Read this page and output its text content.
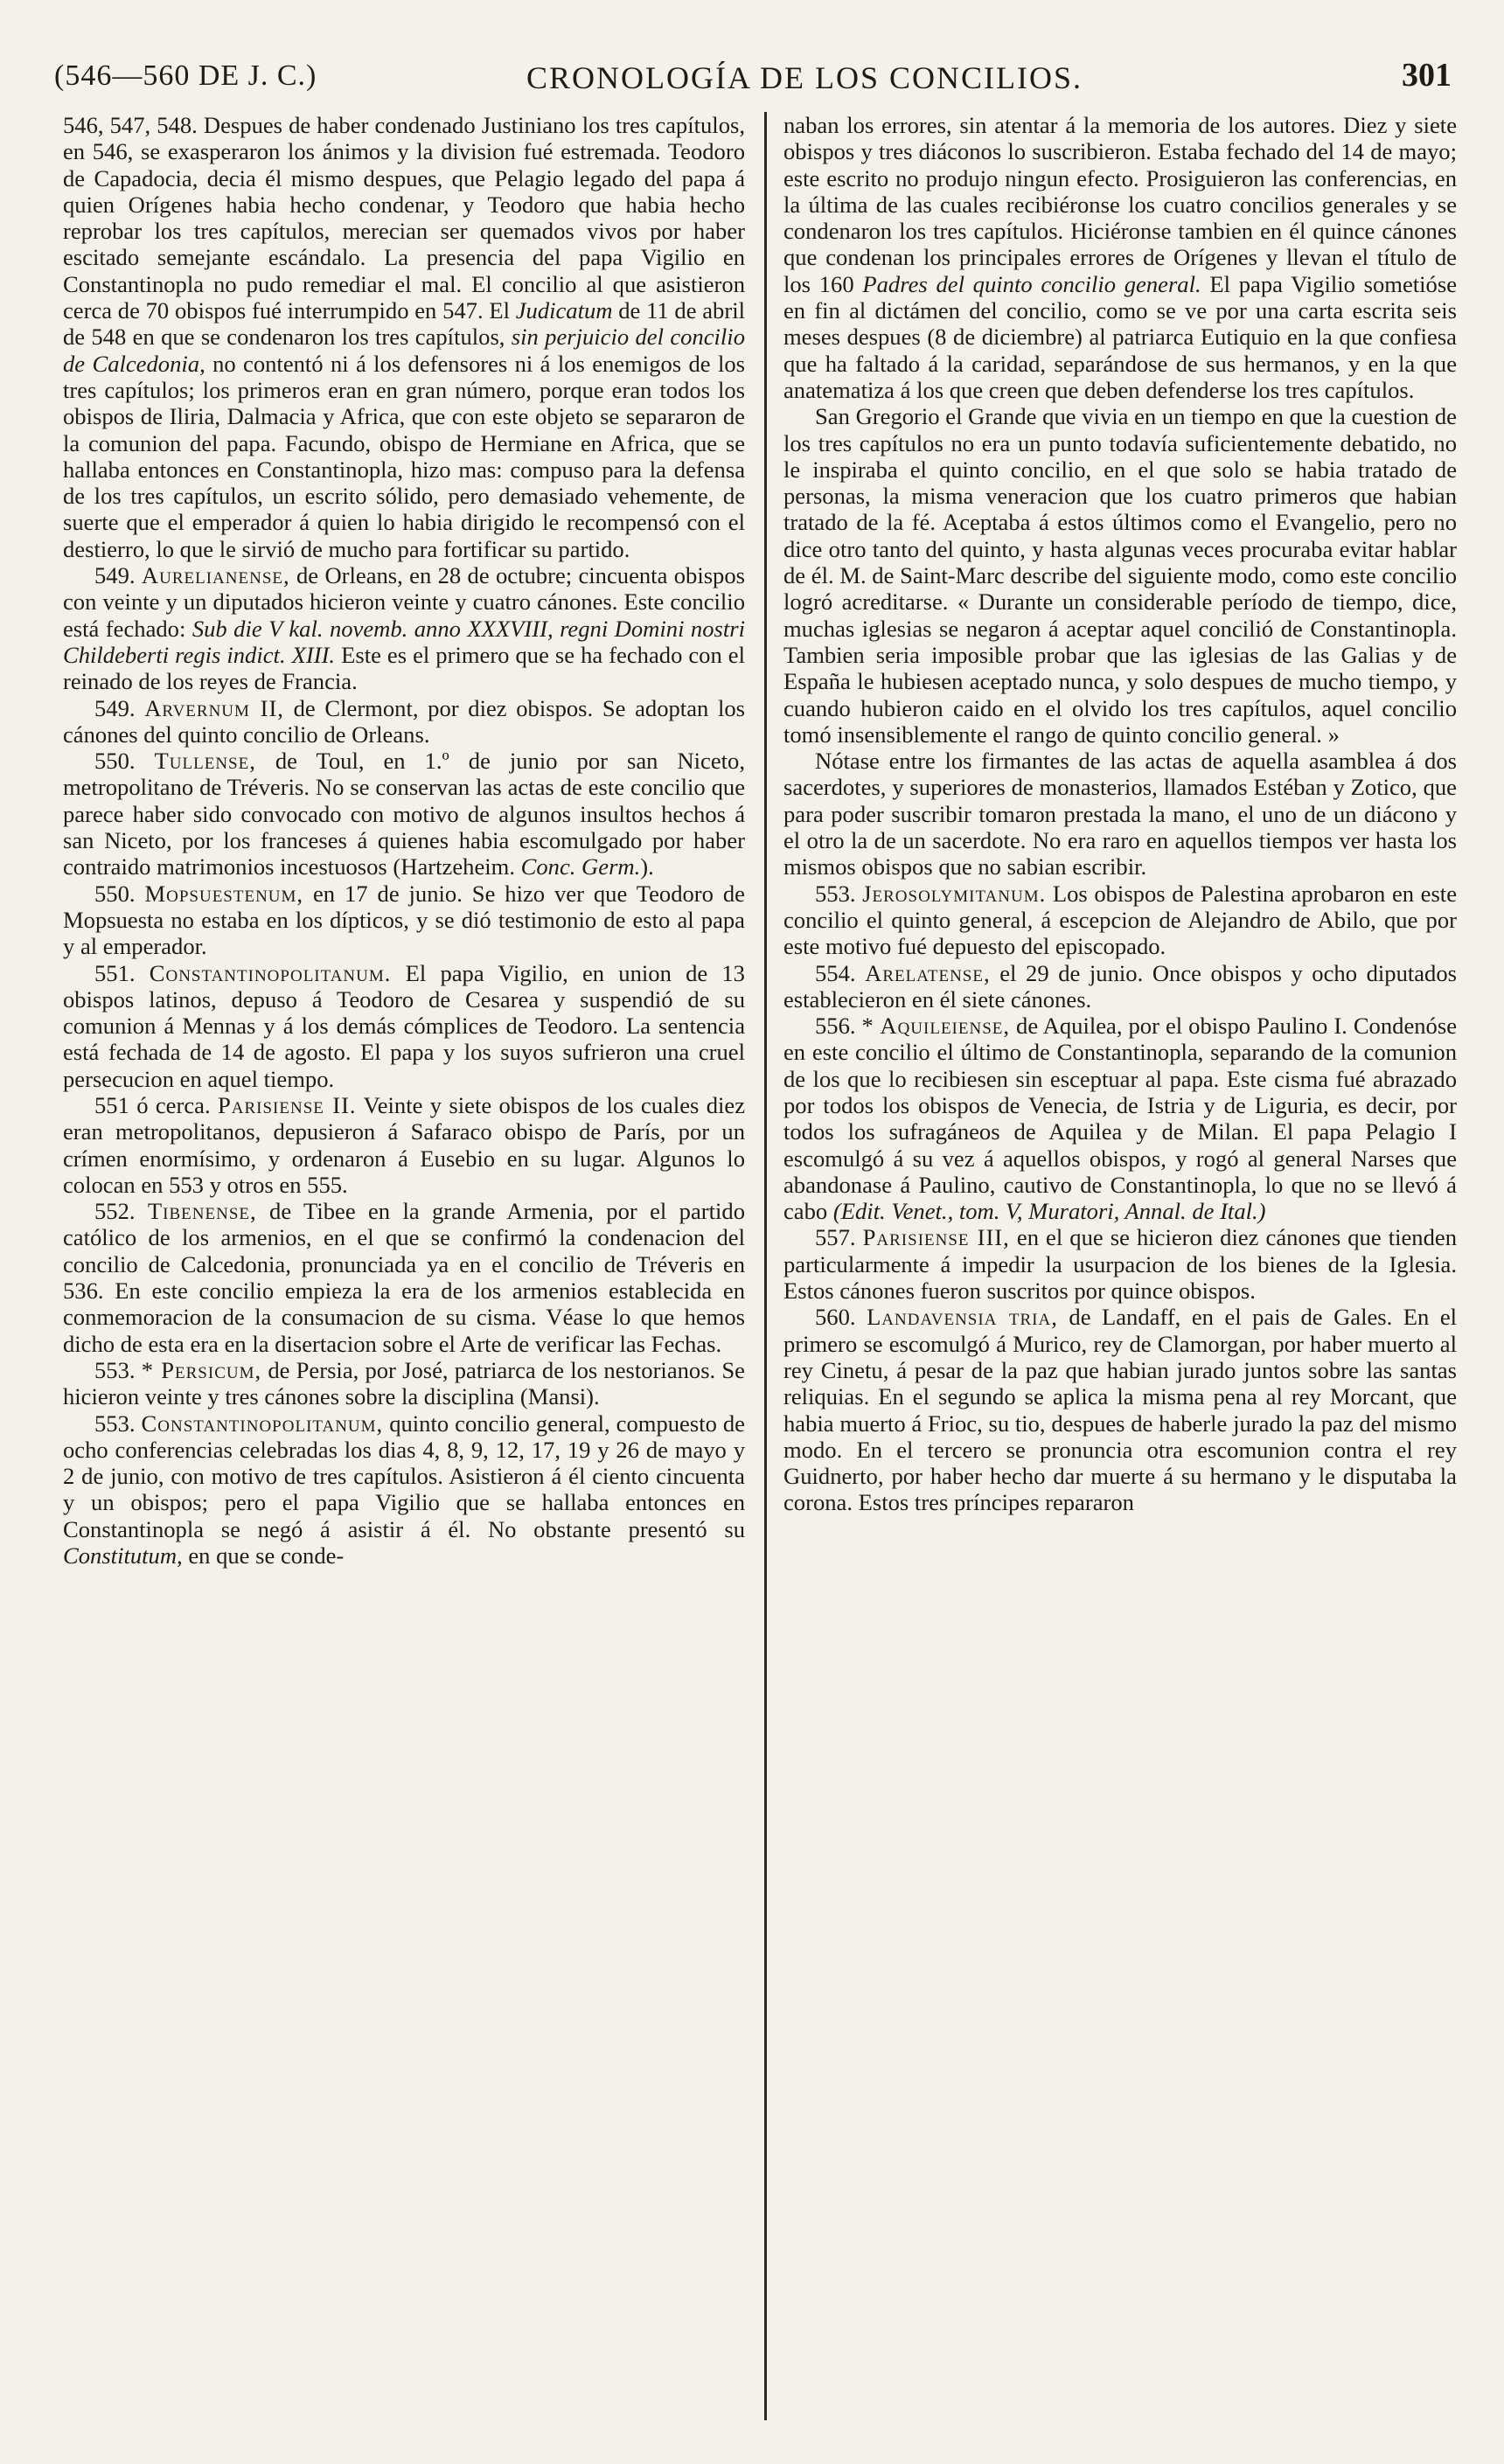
(546—560 DE J. C.)	CRONOLOGÍA DE LOS CONCILIOS.	301

546, 547, 548. Despues de haber condenado Justiniano los tres capítulos, en 546, se exasperaron los ánimos y la division fué estremada. Teodoro de Capadocia, decia él mismo despues, que Pelagio legado del papa á quien Orígenes habia hecho condenar, y Teodoro que habia hecho reprobar los tres capítulos, merecian ser quemados vivos por haber escitado semejante escándalo. La presencia del papa Vigilio en Constantinopla no pudo remediar el mal. El concilio al que asistieron cerca de 70 obispos fué interrumpido en 547. El Judicatum de 11 de abril de 548 en que se condenaron los tres capítulos, sin perjuicio del concilio de Calcedonia, no contentó ni á los defensores ni á los enemigos de los tres capítulos; los primeros eran en gran número, porque eran todos los obispos de Iliria, Dalmacia y Africa, que con este objeto se separaron de la comunion del papa. Facundo, obispo de Hermiane en Africa, que se hallaba entonces en Constantinopla, hizo mas: compuso para la defensa de los tres capítulos, un escrito sólido, pero demasiado vehemente, de suerte que el emperador á quien lo habia dirigido le recompensó con el destierro, lo que le sirvió de mucho para fortificar su partido.

549. Aurelianense, de Orleans, en 28 de octubre; cincuenta obispos con veinte y un diputados hicieron veinte y cuatro cánones. Este concilio está fechado: Sub die V kal. novemb. anno XXXVIII, regni Domini nostri Childeberti regis indict. XIII. Este es el primero que se ha fechado con el reinado de los reyes de Francia.

549. Arvernum II, de Clermont, por diez obispos. Se adoptan los cánones del quinto concilio de Orleans.

550. Tullense, de Toul, en 1.º de junio por san Niceto, metropolitano de Tréveris. No se conservan las actas de este concilio que parece haber sido convocado con motivo de algunos insultos hechos á san Niceto, por los franceses á quienes habia escomulgado por haber contraido matrimonios incestuosos (Hartzeheim. Conc. Germ.).

550. Mopsuestenum, en 17 de junio. Se hizo ver que Teodoro de Mopsuesta no estaba en los dípticos, y se dió testimonio de esto al papa y al emperador.

551. Constantinopolitanum. El papa Vigilio, en union de 13 obispos latinos, depuso á Teodoro de Cesarea y suspendió de su comunion á Mennas y á los demás cómplices de Teodoro. La sentencia está fechada de 14 de agosto. El papa y los suyos sufrieron una cruel persecucion en aquel tiempo.

551 ó cerca. Parisiense II. Veinte y siete obispos de los cuales diez eran metropolitanos, depusieron á Safaraco obispo de París, por un crímen enormísimo, y ordenaron á Eusebio en su lugar. Algunos lo colocan en 553 y otros en 555.

552. Tibenense, de Tibee en la grande Armenia, por el partido católico de los armenios, en el que se confirmó la condenacion del concilio de Calcedonia, pronunciada ya en el concilio de Tréveris en 536. En este concilio empieza la era de los armenios establecida en conmemoracion de la consumacion de su cisma. Véase lo que hemos dicho de esta era en la disertacion sobre el Arte de verificar las Fechas.

553. * Persicum, de Persia, por José, patriarca de los nestorianos. Se hicieron veinte y tres cánones sobre la disciplina (Mansi).

553. Constantinopolitanum, quinto concilio general, compuesto de ocho conferencias celebradas los dias 4, 8, 9, 12, 17, 19 y 26 de mayo y 2 de junio, con motivo de tres capítulos. Asistieron á él ciento cincuenta y un obispos; pero el papa Vigilio que se hallaba entonces en Constantinopla se negó á asistir á él. No obstante presentó su Constitutum, en que se conde-

naban los errores, sin atentar á la memoria de los autores. Diez y siete obispos y tres diáconos lo suscribieron. Estaba fechado del 14 de mayo; este escrito no produjo ningun efecto. Prosiguieron las conferencias, en la última de las cuales recibiéronse los cuatro concilios generales y se condenaron los tres capítulos. Hiciéronse tambien en él quince cánones que condenan los principales errores de Orígenes y llevan el título de los 160 Padres del quinto concilio general. El papa Vigilio sometióse en fin al dictámen del concilio, como se ve por una carta escrita seis meses despues (8 de diciembre) al patriarca Eutiquio en la que confiesa que ha faltado á la caridad, separándose de sus hermanos, y en la que anatematiza á los que creen que deben defenderse los tres capítulos.

San Gregorio el Grande que vivia en un tiempo en que la cuestion de los tres capítulos no era un punto todavía suficientemente debatido, no le inspiraba el quinto concilio, en el que solo se habia tratado de personas, la misma veneracion que los cuatro primeros que habian tratado de la fé. Aceptaba á estos últimos como el Evangelio, pero no dice otro tanto del quinto, y hasta algunas veces procuraba evitar hablar de él. M. de Saint-Marc describe del siguiente modo, como este concilio logró acreditarse. « Durante un considerable período de tiempo, dice, muchas iglesias se negaron á aceptar aquel concilió de Constantinopla. Tambien seria imposible probar que las iglesias de las Galias y de España le hubiesen aceptado nunca, y solo despues de mucho tiempo, y cuando hubieron caido en el olvido los tres capítulos, aquel concilio tomó insensiblemente el rango de quinto concilio general. »

Nótase entre los firmantes de las actas de aquella asamblea á dos sacerdotes, y superiores de monasterios, llamados Estéban y Zotico, que para poder suscribir tomaron prestada la mano, el uno de un diácono y el otro la de un sacerdote. No era raro en aquellos tiempos ver hasta los mismos obispos que no sabian escribir.

553. Jerosolymitanum. Los obispos de Palestina aprobaron en este concilio el quinto general, á escepcion de Alejandro de Abilo, que por este motivo fué depuesto del episcopado.

554. Arelatense, el 29 de junio. Once obispos y ocho diputados establecieron en él siete cánones.

556. * Aquileiense, de Aquilea, por el obispo Paulino I. Condenóse en este concilio el último de Constantinopla, separando de la comunion de los que lo recibiesen sin esceptuar al papa. Este cisma fué abrazado por todos los obispos de Venecia, de Istria y de Liguria, es decir, por todos los sufragáneos de Aquilea y de Milan. El papa Pelagio I escomulgó á su vez á aquellos obispos, y rogó al general Narses que abandonase á Paulino, cautivo de Constantinopla, lo que no se llevó á cabo (Edit. Venet., tom. V, Muratori, Annal. de Ital.)

557. Parisiense III, en el que se hicieron diez cánones que tienden particularmente á impedir la usurpacion de los bienes de la Iglesia. Estos cánones fueron suscritos por quince obispos.

560. Landavensia tria, de Landaff, en el pais de Gales. En el primero se escomulgó á Murico, rey de Clamorgan, por haber muerto al rey Cinetu, á pesar de la paz que habian jurado juntos sobre las santas reliquias. En el segundo se aplica la misma pena al rey Morcant, que habia muerto á Frioc, su tio, despues de haberle jurado la paz del mismo modo. En el tercero se pronuncia otra escomunion contra el rey Guidnerto, por haber hecho dar muerte á su hermano y le disputaba la corona. Estos tres príncipes repararon
